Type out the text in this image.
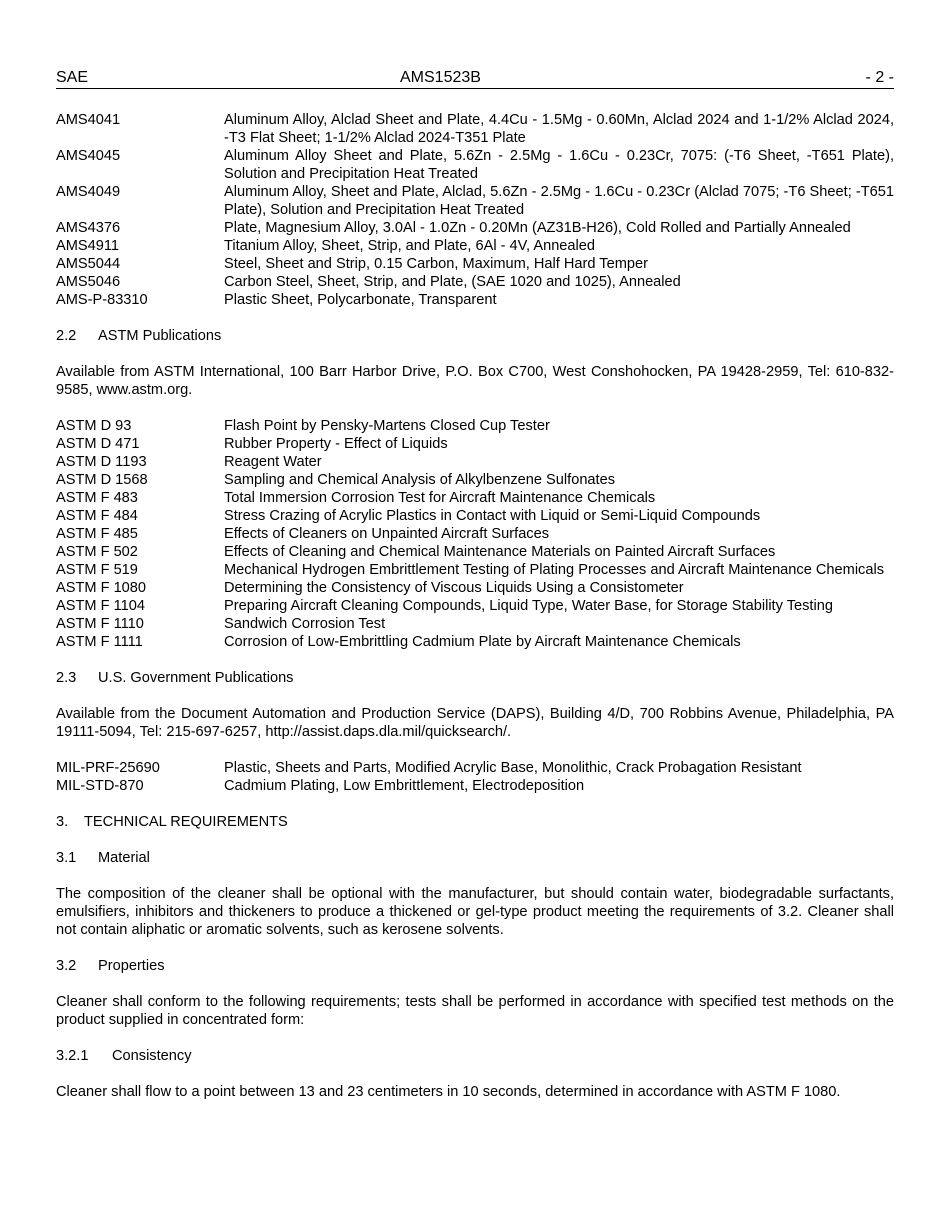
SAE	AMS1523B	- 2 -
AMS4041	Aluminum Alloy, Alclad Sheet and Plate, 4.4Cu - 1.5Mg - 0.60Mn, Alclad 2024 and 1-1/2% Alclad 2024, -T3 Flat Sheet; 1-1/2% Alclad 2024-T351 Plate
AMS4045	Aluminum Alloy Sheet and Plate, 5.6Zn - 2.5Mg - 1.6Cu - 0.23Cr, 7075: (-T6 Sheet, -T651 Plate), Solution and Precipitation Heat Treated
AMS4049	Aluminum Alloy, Sheet and Plate, Alclad, 5.6Zn - 2.5Mg - 1.6Cu - 0.23Cr (Alclad 7075; -T6 Sheet; -T651 Plate), Solution and Precipitation Heat Treated
AMS4376	Plate, Magnesium Alloy, 3.0Al - 1.0Zn - 0.20Mn (AZ31B-H26), Cold Rolled and Partially Annealed
AMS4911	Titanium Alloy, Sheet, Strip, and Plate, 6Al - 4V, Annealed
AMS5044	Steel, Sheet and Strip, 0.15 Carbon, Maximum, Half Hard Temper
AMS5046	Carbon Steel, Sheet, Strip, and Plate, (SAE 1020 and 1025), Annealed
AMS-P-83310	Plastic Sheet, Polycarbonate, Transparent
2.2 ASTM Publications
Available from ASTM International, 100 Barr Harbor Drive, P.O. Box C700, West Conshohocken, PA 19428-2959, Tel: 610-832-9585, www.astm.org.
ASTM D 93	Flash Point by Pensky-Martens Closed Cup Tester
ASTM D 471	Rubber Property - Effect of Liquids
ASTM D 1193	Reagent Water
ASTM D 1568	Sampling and Chemical Analysis of Alkylbenzene Sulfonates
ASTM F 483	Total Immersion Corrosion Test for Aircraft Maintenance Chemicals
ASTM F 484	Stress Crazing of Acrylic Plastics in Contact with Liquid or Semi-Liquid Compounds
ASTM F 485	Effects of Cleaners on Unpainted Aircraft Surfaces
ASTM F 502	Effects of Cleaning and Chemical Maintenance Materials on Painted Aircraft Surfaces
ASTM F 519	Mechanical Hydrogen Embrittlement Testing of Plating Processes and Aircraft Maintenance Chemicals
ASTM F 1080	Determining the Consistency of Viscous Liquids Using a Consistometer
ASTM F 1104	Preparing Aircraft Cleaning Compounds, Liquid Type, Water Base, for Storage Stability Testing
ASTM F 1110	Sandwich Corrosion Test
ASTM F 1111	Corrosion of Low-Embrittling Cadmium Plate by Aircraft Maintenance Chemicals
2.3 U.S. Government Publications
Available from the Document Automation and Production Service (DAPS), Building 4/D, 700 Robbins Avenue, Philadelphia, PA 19111-5094, Tel: 215-697-6257, http://assist.daps.dla.mil/quicksearch/.
MIL-PRF-25690	Plastic, Sheets and Parts, Modified Acrylic Base, Monolithic, Crack Probagation Resistant
MIL-STD-870	Cadmium Plating, Low Embrittlement, Electrodeposition
3. TECHNICAL REQUIREMENTS
3.1 Material
The composition of the cleaner shall be optional with the manufacturer, but should contain water, biodegradable surfactants, emulsifiers, inhibitors and thickeners to produce a thickened or gel-type product meeting the requirements of 3.2. Cleaner shall not contain aliphatic or aromatic solvents, such as kerosene solvents.
3.2 Properties
Cleaner shall conform to the following requirements; tests shall be performed in accordance with specified test methods on the product supplied in concentrated form:
3.2.1 Consistency
Cleaner shall flow to a point between 13 and 23 centimeters in 10 seconds, determined in accordance with ASTM F 1080.
